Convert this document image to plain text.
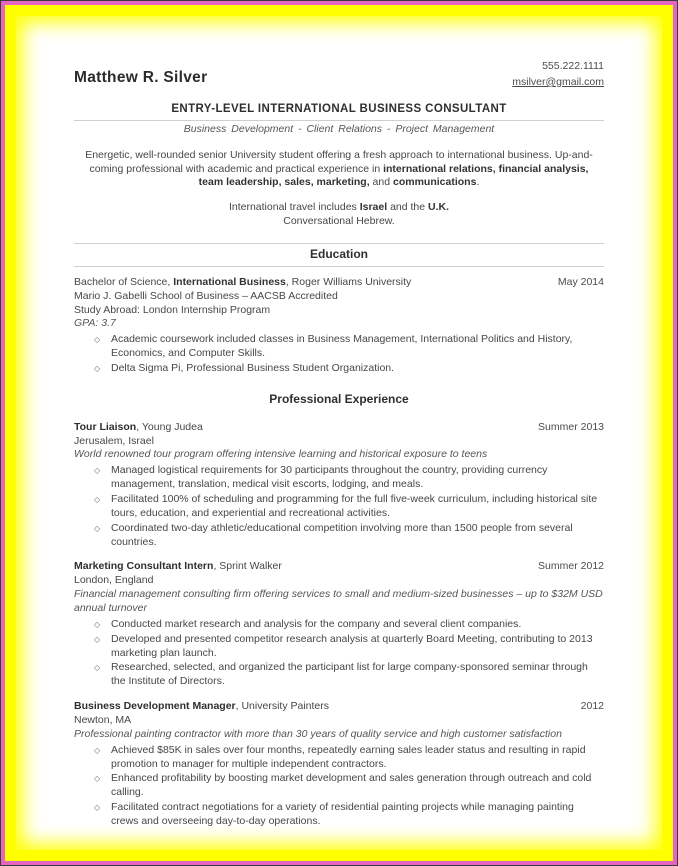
Matthew R. Silver
555.222.1111
msilver@gmail.com
ENTRY-LEVEL INTERNATIONAL BUSINESS CONSULTANT
Business Development - Client Relations - Project Management

Energetic, well-rounded senior University student offering a fresh approach to international business. Up-and-coming professional with academic and practical experience in international relations, financial analysis, team leadership, sales, marketing, and communications.

International travel includes Israel and the U.K.
Conversational Hebrew.

Education
Bachelor of Science, International Business, Roger Williams University	May 2014
Mario J. Gabelli School of Business – AACSB Accredited
Study Abroad: London Internship Program
GPA: 3.7
◇	Academic coursework included classes in Business Management, International Politics and History, Economics, and Computer Skills.
◇	Delta Sigma Pi, Professional Business Student Organization.
Professional Experience
Tour Liaison, Young Judea	Summer 2013
Jerusalem, Israel
World renowned tour program offering intensive learning and historical exposure to teens
◇	Managed logistical requirements for 30 participants throughout the country, providing currency management, translation, medical visit escorts, lodging, and meals.
◇	Facilitated 100% of scheduling and programming for the full five-week curriculum, including historical site tours, education, and experiential and recreational activities.
◇	Coordinated two-day athletic/educational competition involving more than 1500 people from several countries.
Marketing Consultant Intern, Sprint Walker	Summer 2012
London, England
Financial management consulting firm offering services to small and medium-sized businesses – up to $32M USD annual turnover
◇	Conducted market research and analysis for the company and several client companies.
◇	Developed and presented competitor research analysis at quarterly Board Meeting, contributing to 2013 marketing plan launch.
◇	Researched, selected, and organized the participant list for large company-sponsored seminar through the Institute of Directors.
Business Development Manager, University Painters	2012
Newton, MA
Professional painting contractor with more than 30 years of quality service and high customer satisfaction
◇	Achieved $85K in sales over four months, repeatedly earning sales leader status and resulting in rapid promotion to manager for multiple independent contractors.
◇	Enhanced profitability by boosting market development and sales generation through outreach and cold calling.
◇	Facilitated contract negotiations for a variety of residential painting projects while managing painting crews and overseeing day-to-day operations.
